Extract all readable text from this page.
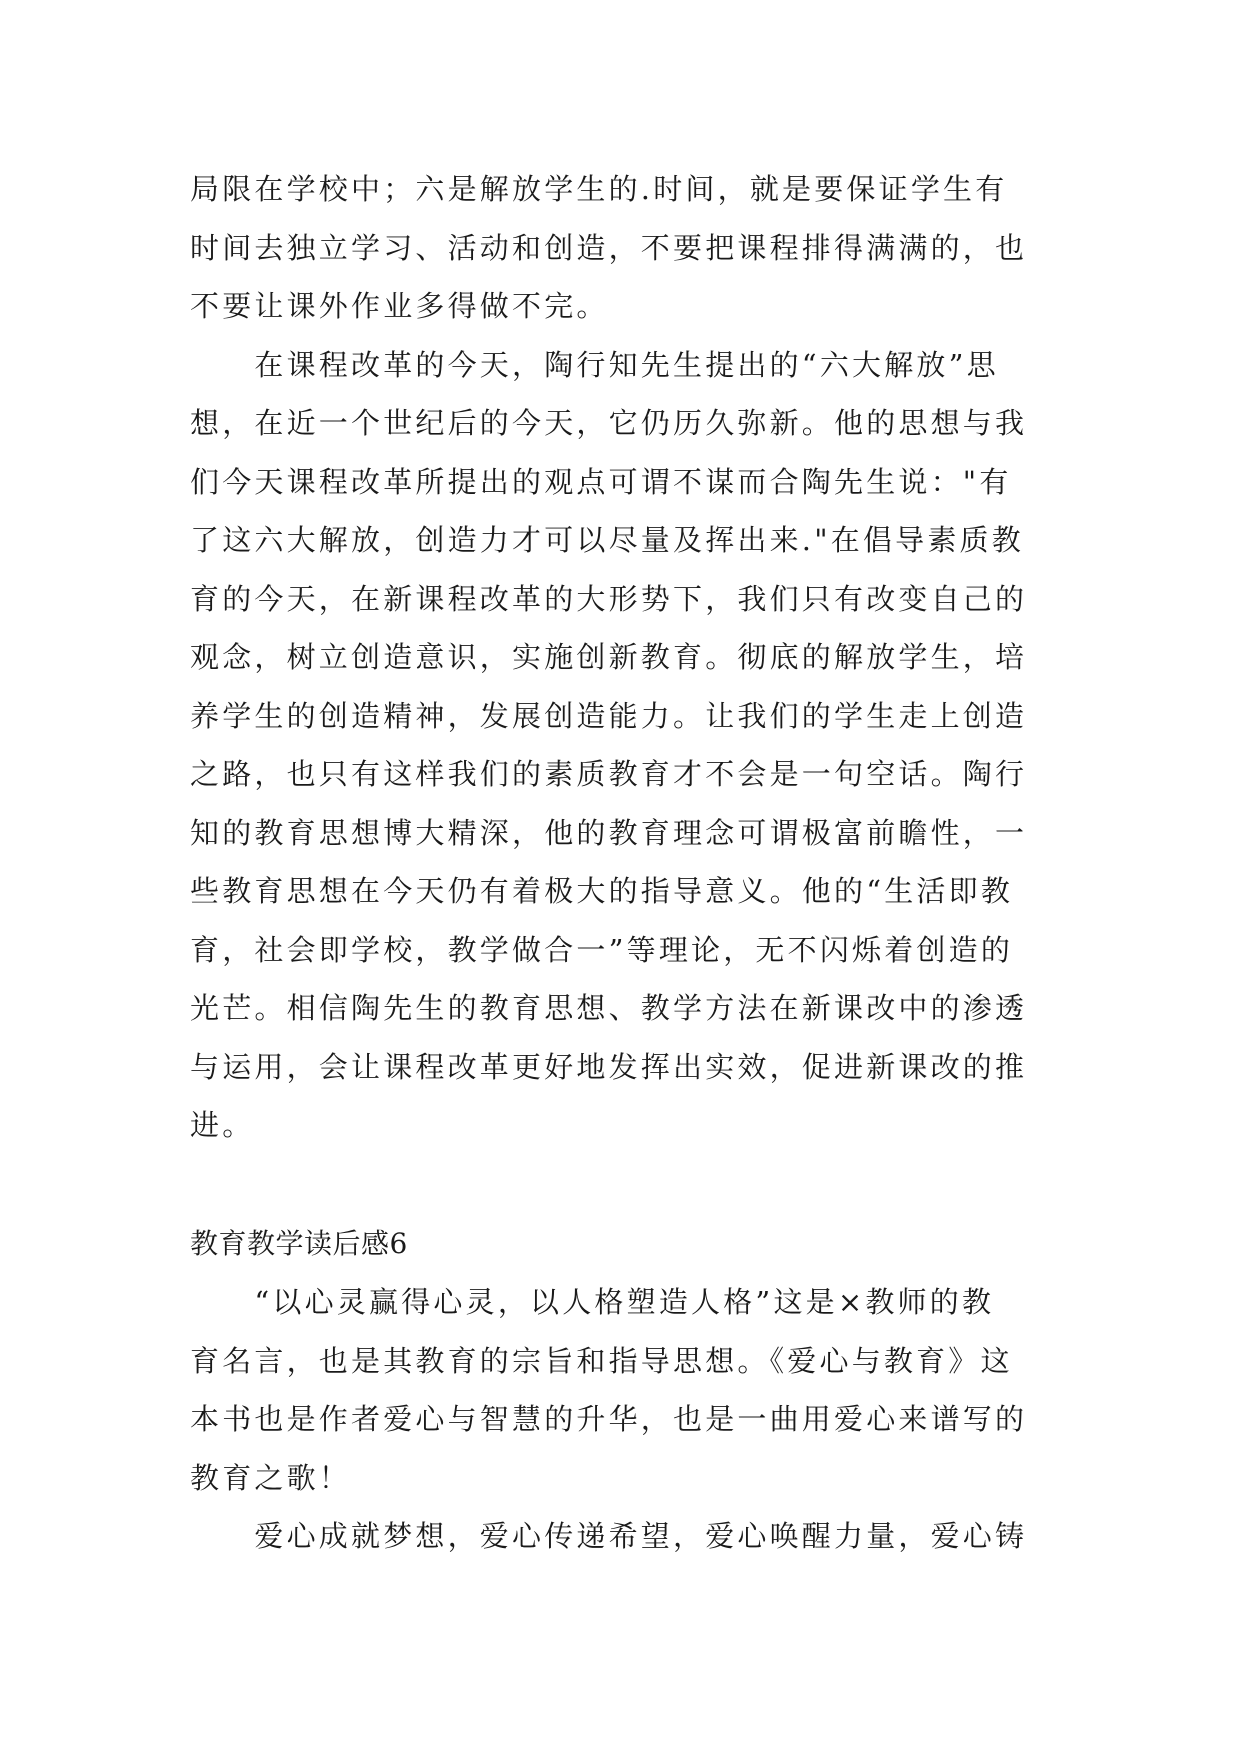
局限在学校中；六是解放学生的.时间，就是要保证学生有
时间去独立学习、活动和创造，不要把课程排得满满的，也
不要让课外作业多得做不完。
　　在课程改革的今天，陶行知先生提出的“六大解放”思
想，在近一个世纪后的今天，它仍历久弥新。他的思想与我
们今天课程改革所提出的观点可谓不谋而合陶先生说："有
了这六大解放，创造力才可以尽量及挥出来."在倡导素质教
育的今天，在新课程改革的大形势下，我们只有改变自己的
观念，树立创造意识，实施创新教育。彻底的解放学生，培
养学生的创造精神，发展创造能力。让我们的学生走上创造
之路，也只有这样我们的素质教育才不会是一句空话。陶行
知的教育思想博大精深，他的教育理念可谓极富前瞻性，一
些教育思想在今天仍有着极大的指导意义。他的“生活即教
育，社会即学校，教学做合一”等理论，无不闪烁着创造的
光芒。相信陶先生的教育思想、教学方法在新课改中的渗透
与运用，会让课程改革更好地发挥出实效，促进新课改的推
进。
教育教学读后感6
　　“以心灵赢得心灵，以人格塑造人格”这是×教师的教
育名言，也是其教育的宗旨和指导思想。《爱心与教育》这
本书也是作者爱心与智慧的升华，也是一曲用爱心来谱写的
教育之歌！
　　爱心成就梦想，爱心传递希望，爱心唤醒力量，爱心铸
